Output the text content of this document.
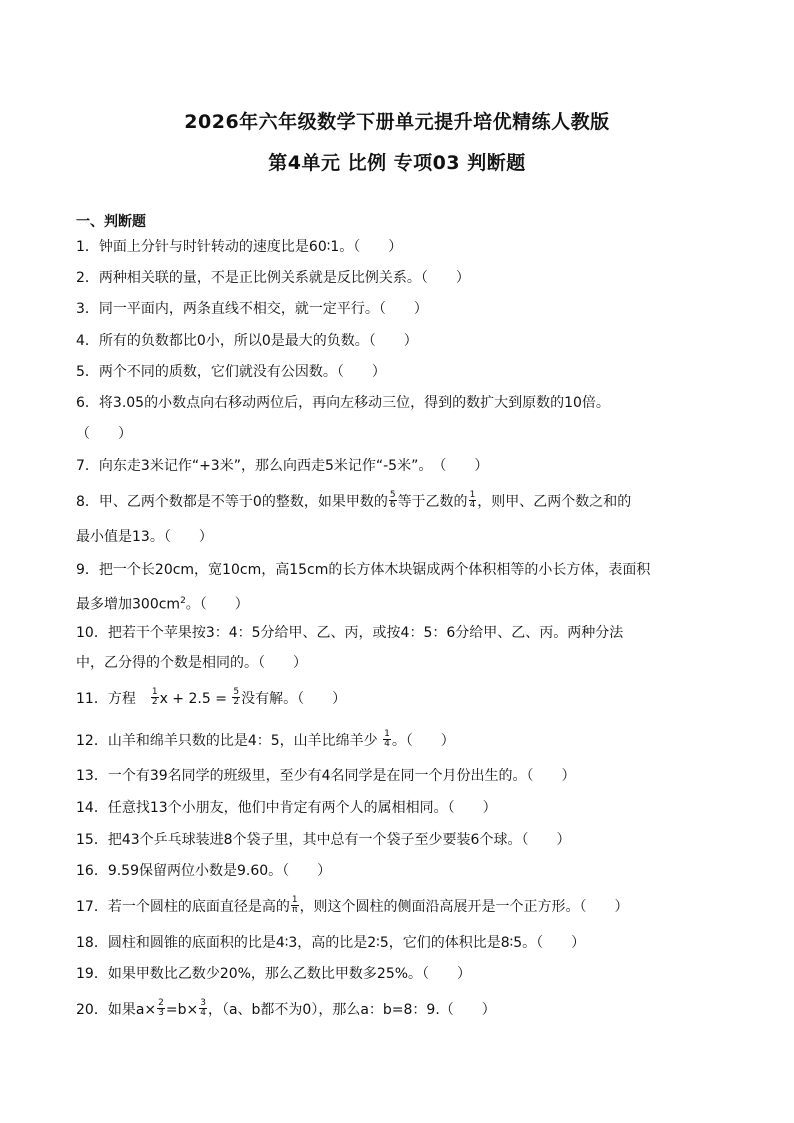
2026年六年级数学下册单元提升培优精练人教版
第4单元 比例 专项03 判断题
一、判断题
1．钟面上分针与时针转动的速度比是60∶1。（　　）
2．两种相关联的量，不是正比例关系就是反比例关系。（　　）
3．同一平面内，两条直线不相交，就一定平行。（　　）
4．所有的负数都比0小，所以0是最大的负数。（　　）
5．两个不同的质数，它们就没有公因数。（　　）
6．将3.05的小数点向右移动两位后，再向左移动三位，得到的数扩大到原数的10倍。
（　　）
7．向东走3米记作“+3米”，那么向西走5米记作“-5米”。　（　　）
8．甲、乙两个数都是不等于0的整数，如果甲数的 $\frac{5}{6}$ 等于乙数的 $\frac{1}{4}$ ，则甲、乙两个数之和的
最小值是13。（　　）
9．把一个长20cm，宽10cm，高15cm的长方体木块锯成两个体积相等的小长方体，表面积
最多增加$300cm^2$。（　　）
10．把若干个苹果按3：4：5分给甲、乙、丙，或按4：5：6分给甲、乙、丙。两种分法
中，乙分得的个数是相同的。（　　）
11．方程　 $\frac{1}{2}$ $x + 2.5 = \frac{5}{2}$ 没有解。（　　）
12．山羊和绵羊只数的比是4：5，山羊比绵羊少 $\frac{1}{4}$ 。（　　）
13．一个有39名同学的班级里，至少有4名同学是在同一个月份出生的。（　　）
14．任意找13个小朋友，他们中肯定有两个人的属相相同。（　　）
15．把43个乒乓球装进8个袋子里，其中总有一个袋子至少要装6个球。（　　）
16．9.59保留两位小数是9.60。（　　）
17．若一个圆柱的底面直径是高的 $\frac{1}{\pi}$ ，则这个圆柱的侧面沿高展开是一个正方形。（　　）
18．圆柱和圆锥的底面积的比是4∶3，高的比是2∶5，它们的体积比是8∶5。（　　）
19．如果甲数比乙数少20%，那么乙数比甲数多25%。（　　）
20．如果$a\times \frac{2}{3} =b\times \frac{3}{4}$ ，（a、b都不为0），那么a：b=8：9.（　　）
